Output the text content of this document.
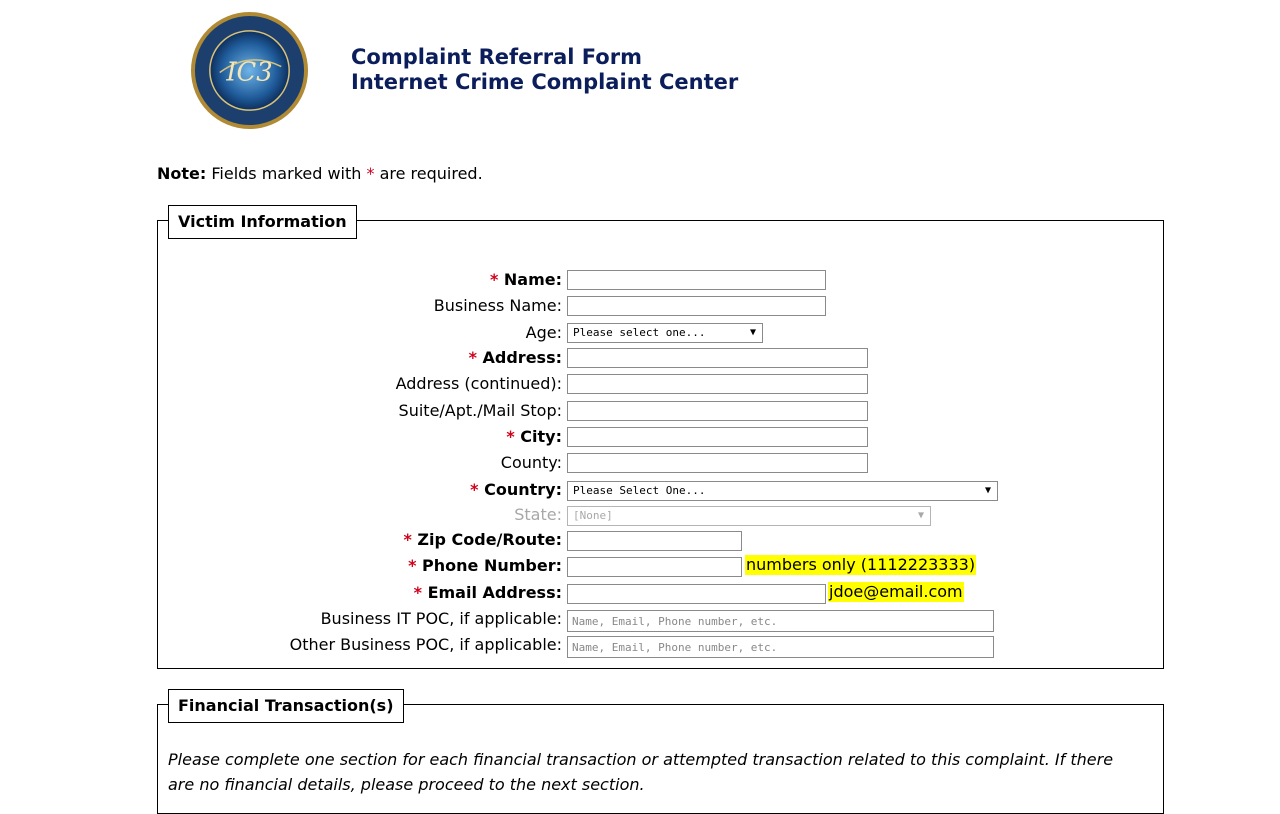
IC3
Complaint Referral Form
Internet Crime Complaint Center
Note: Fields marked with * are required.
Victim Information
* Name:
Business Name:
Age:	Please select one...	▼
* Address:
Address (continued):
Suite/Apt./Mail Stop:
* City:
County:
* Country:	Please Select One...	▼
State:	[None]	▼
* Zip Code/Route:
* Phone Number:	numbers only (1112223333)
* Email Address:	jdoe@email.com
Business IT POC, if applicable:
Name, Email, Phone number, etc.
Other Business POC, if applicable:
Name, Email, Phone number, etc.
Financial Transaction(s)
Please complete one section for each financial transaction or attempted transaction related to this complaint. If there are no financial details, please proceed to the next section.
